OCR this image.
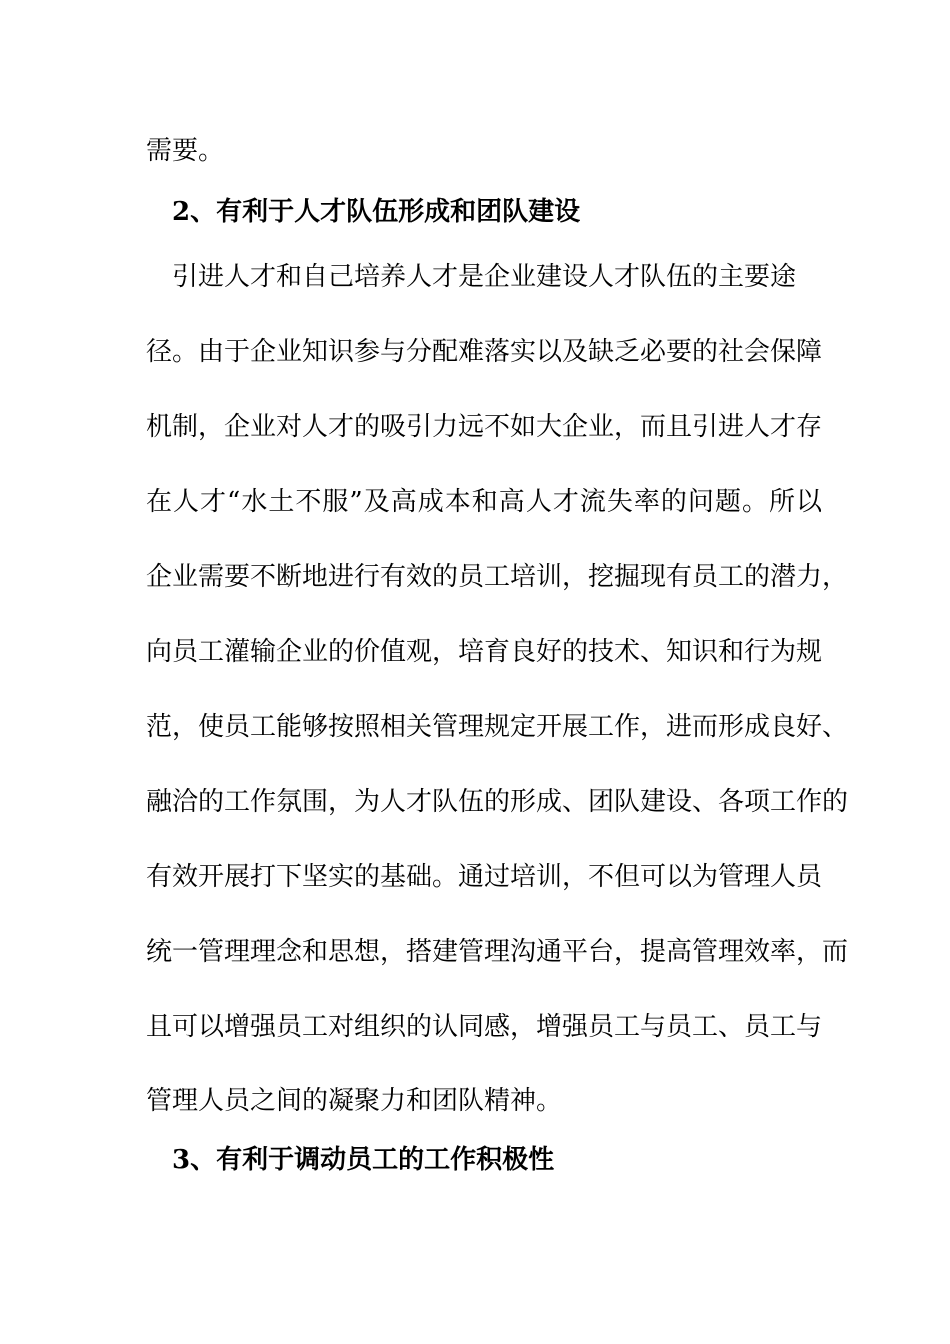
需要。
2、有利于人才队伍形成和团队建设
引进人才和自己培养人才是企业建设人才队伍的主要途
径。由于企业知识参与分配难落实以及缺乏必要的社会保障
机制，企业对人才的吸引力远不如大企业，而且引进人才存
在人才“水土不服”及高成本和高人才流失率的问题。所以
企业需要不断地进行有效的员工培训，挖掘现有员工的潜力，
向员工灌输企业的价值观，培育良好的技术、知识和行为规
范，使员工能够按照相关管理规定开展工作，进而形成良好、
融洽的工作氛围，为人才队伍的形成、团队建设、各项工作的
有效开展打下坚实的基础。通过培训，不但可以为管理人员
统一管理理念和思想，搭建管理沟通平台，提高管理效率，而
且可以增强员工对组织的认同感，增强员工与员工、员工与
管理人员之间的凝聚力和团队精神。
3、有利于调动员工的工作积极性
